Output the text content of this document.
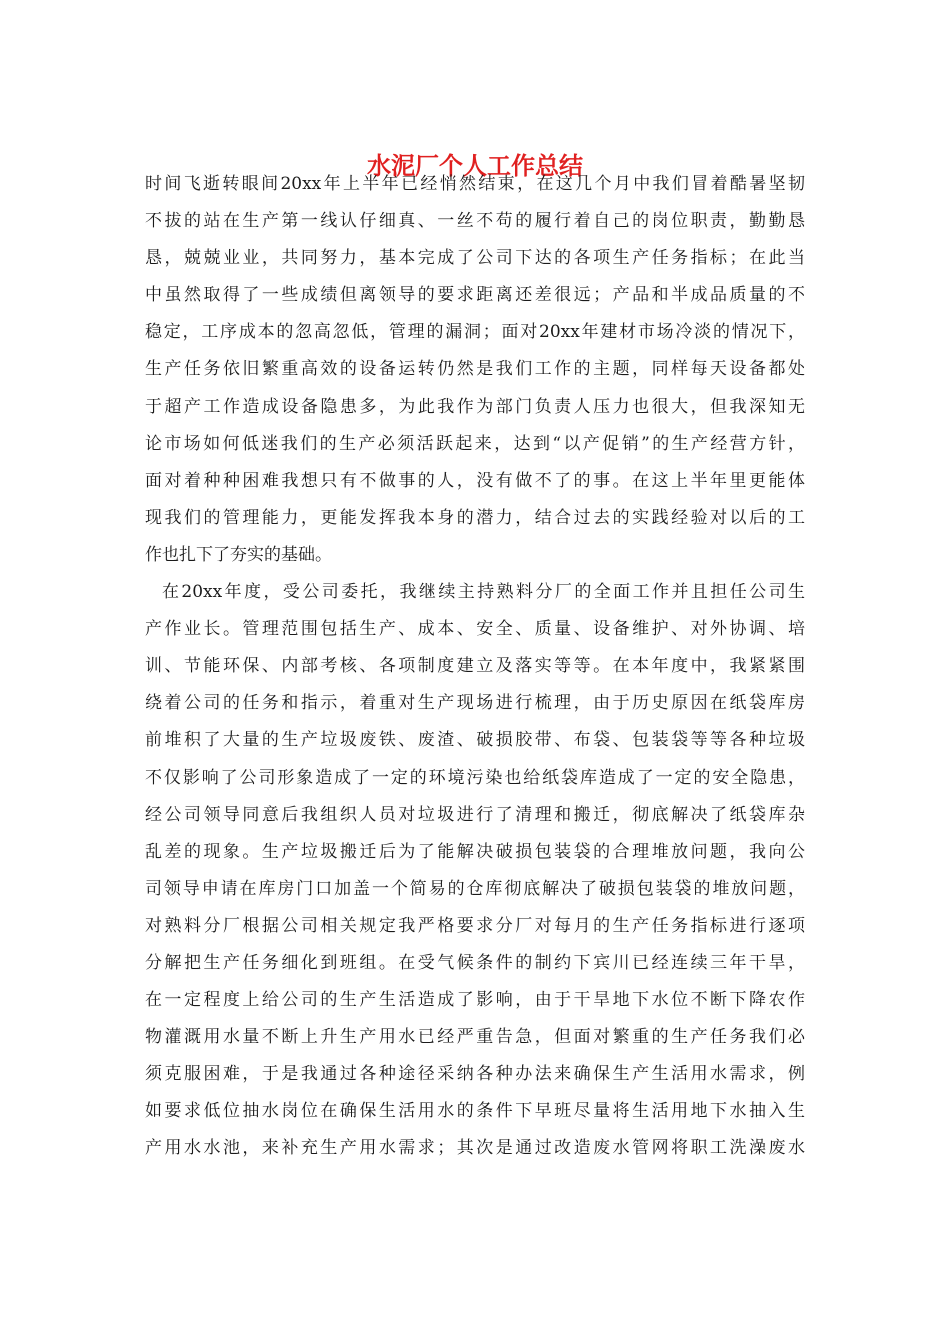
水泥厂个人工作总结
时间飞逝转眼间20xx年上半年已经悄然结束，在这几个月中我们冒着酷暑坚韧
不拔的站在生产第一线认仔细真、一丝不苟的履行着自己的岗位职责，勤勤恳
恳，兢兢业业，共同努力，基本完成了公司下达的各项生产任务指标；在此当
中虽然取得了一些成绩但离领导的要求距离还差很远；产品和半成品质量的不
稳定，工序成本的忽高忽低，管理的漏洞；面对20xx年建材市场冷淡的情况下，
生产任务依旧繁重高效的设备运转仍然是我们工作的主题，同样每天设备都处
于超产工作造成设备隐患多，为此我作为部门负责人压力也很大，但我深知无
论市场如何低迷我们的生产必须活跃起来，达到“以产促销”的生产经营方针，
面对着种种困难我想只有不做事的人，没有做不了的事。在这上半年里更能体
现我们的管理能力，更能发挥我本身的潜力，结合过去的实践经验对以后的工
作也扎下了夯实的基础。
在20xx年度，受公司委托，我继续主持熟料分厂的全面工作并且担任公司生
产作业长。管理范围包括生产、成本、安全、质量、设备维护、对外协调、培
训、节能环保、内部考核、各项制度建立及落实等等。在本年度中，我紧紧围
绕着公司的任务和指示，着重对生产现场进行梳理，由于历史原因在纸袋库房
前堆积了大量的生产垃圾废铁、废渣、破损胶带、布袋、包装袋等等各种垃圾
不仅影响了公司形象造成了一定的环境污染也给纸袋库造成了一定的安全隐患，
经公司领导同意后我组织人员对垃圾进行了清理和搬迁，彻底解决了纸袋库杂
乱差的现象。生产垃圾搬迁后为了能解决破损包装袋的合理堆放问题，我向公
司领导申请在库房门口加盖一个简易的仓库彻底解决了破损包装袋的堆放问题，
对熟料分厂根据公司相关规定我严格要求分厂对每月的生产任务指标进行逐项
分解把生产任务细化到班组。在受气候条件的制约下宾川已经连续三年干旱，
在一定程度上给公司的生产生活造成了影响，由于干旱地下水位不断下降农作
物灌溉用水量不断上升生产用水已经严重告急，但面对繁重的生产任务我们必
须克服困难，于是我通过各种途径采纳各种办法来确保生产生活用水需求，例
如要求低位抽水岗位在确保生活用水的条件下早班尽量将生活用地下水抽入生
产用水水池，来补充生产用水需求；其次是通过改造废水管网将职工洗澡废水
